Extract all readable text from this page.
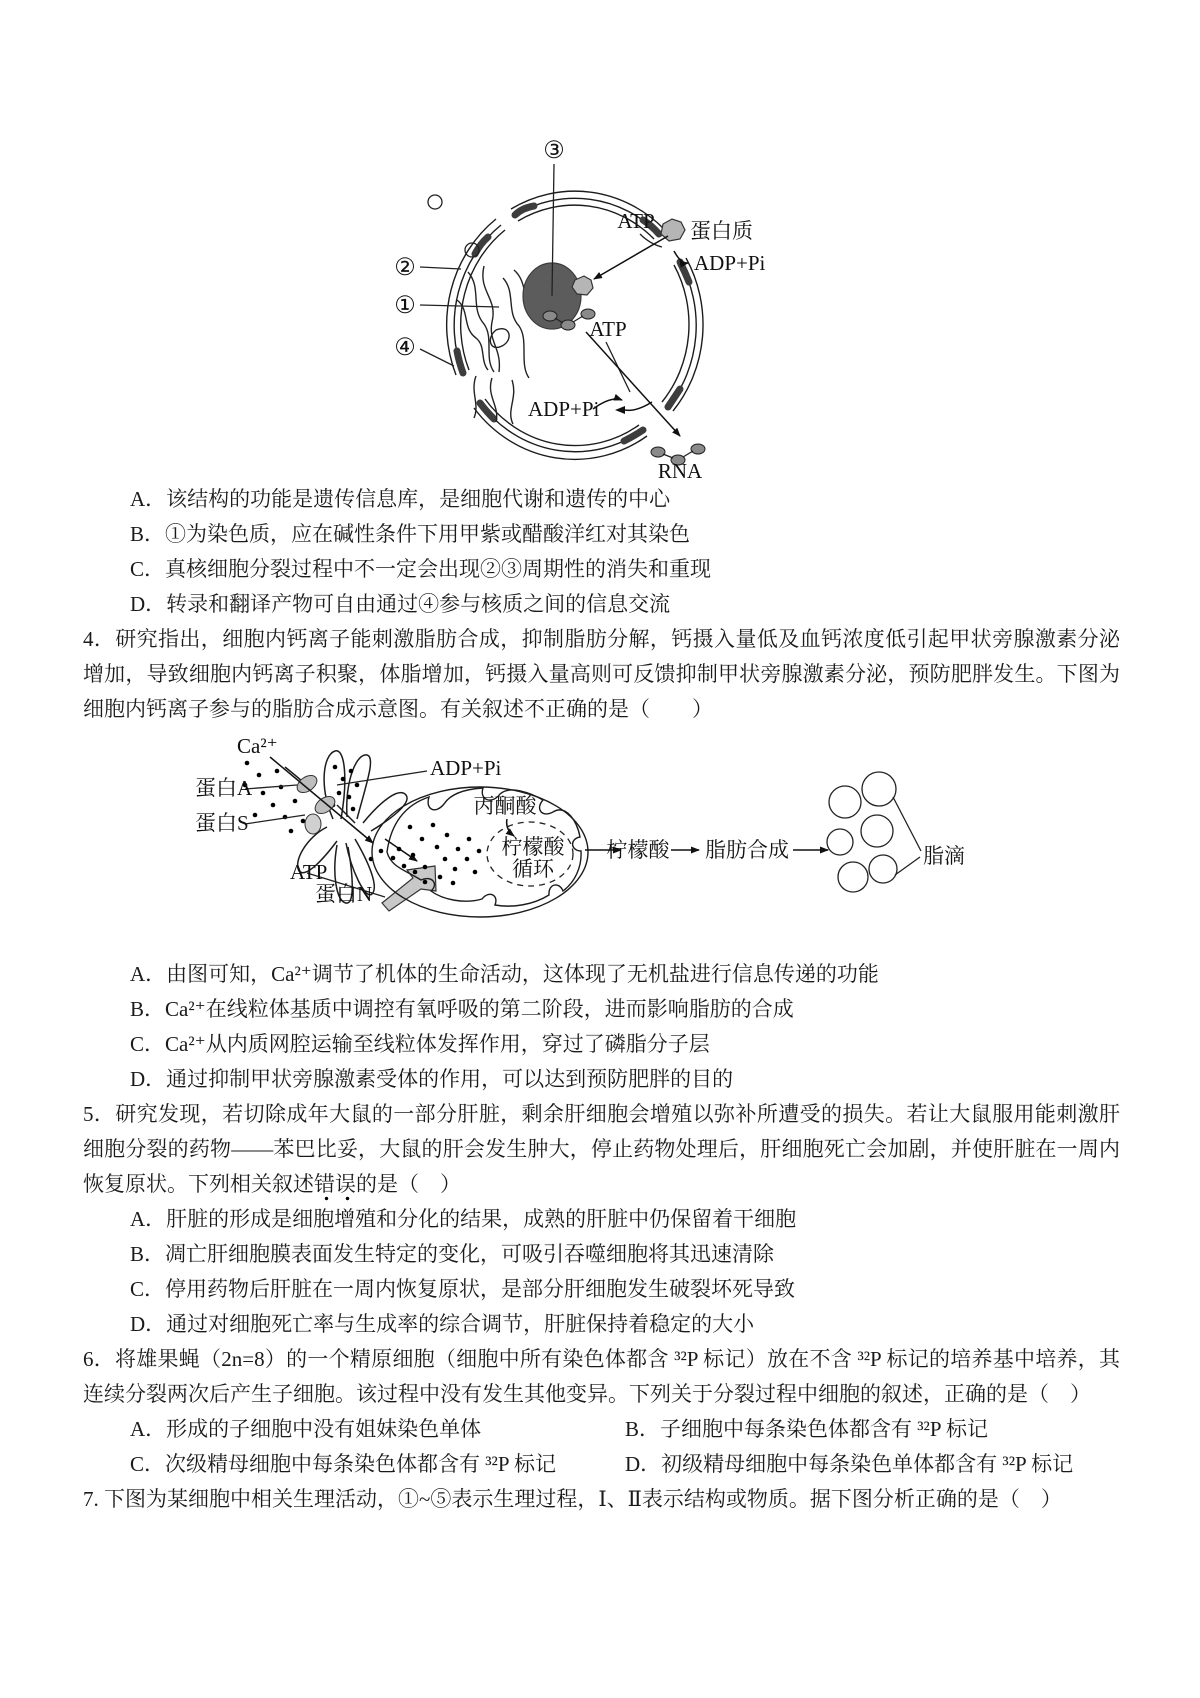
③
②
①
④
ATP 蛋白质
ADP+Pi
ATP
ADP+Pi
RNA

A．该结构的功能是遗传信息库，是细胞代谢和遗传的中心

B．①为染色质，应在碱性条件下用甲紫或醋酸洋红对其染色

C．真核细胞分裂过程中不一定会出现②③周期性的消失和重现

D．转录和翻译产物可自由通过④参与核质之间的信息交流

4．研究指出，细胞内钙离子能刺激脂肪合成，抑制脂肪分解，钙摄入量低及血钙浓度低引起甲状旁腺激素分泌增加，导致细胞内钙离子积聚，体脂增加，钙摄入量高则可反馈抑制甲状旁腺激素分泌，预防肥胖发生。下图为细胞内钙离子参与的脂肪合成示意图。有关叙述不正确的是（　　）

Ca²⁺
蛋白A
蛋白S
ADP+Pi
ATP
蛋白N
丙酮酸
柠檬酸
循环
柠檬酸 脂肪合成	脂滴

A．由图可知，Ca²⁺调节了机体的生命活动，这体现了无机盐进行信息传递的功能

B．Ca²⁺在线粒体基质中调控有氧呼吸的第二阶段，进而影响脂肪的合成

C．Ca²⁺从内质网腔运输至线粒体发挥作用，穿过了磷脂分子层

D．通过抑制甲状旁腺激素受体的作用，可以达到预防肥胖的目的

5．研究发现，若切除成年大鼠的一部分肝脏，剩余肝细胞会增殖以弥补所遭受的损失。若让大鼠服用能刺激肝细胞分裂的药物——苯巴比妥，大鼠的肝会发生肿大，停止药物处理后，肝细胞死亡会加剧，并使肝脏在一周内恢复原状。下列相关叙述错误的是（　）

A．肝脏的形成是细胞增殖和分化的结果，成熟的肝脏中仍保留着干细胞

B．凋亡肝细胞膜表面发生特定的变化，可吸引吞噬细胞将其迅速清除

C．停用药物后肝脏在一周内恢复原状，是部分肝细胞发生破裂坏死导致

D．通过对细胞死亡率与生成率的综合调节，肝脏保持着稳定的大小

6．将雄果蝇（2n=8）的一个精原细胞（细胞中所有染色体都含 ³²P 标记）放在不含 ³²P 标记的培养基中培养，其连续分裂两次后产生子细胞。该过程中没有发生其他变异。下列关于分裂过程中细胞的叙述，正确的是（　）

A．形成的子细胞中没有姐妹染色单体	B．子细胞中每条染色体都含有 ³²P 标记
C．次级精母细胞中每条染色体都含有 ³²P 标记	D．初级精母细胞中每条染色单体都含有 ³²P 标记

7. 下图为某细胞中相关生理活动，①~⑤表示生理过程，Ⅰ、Ⅱ表示结构或物质。据下图分析正确的是（　）
